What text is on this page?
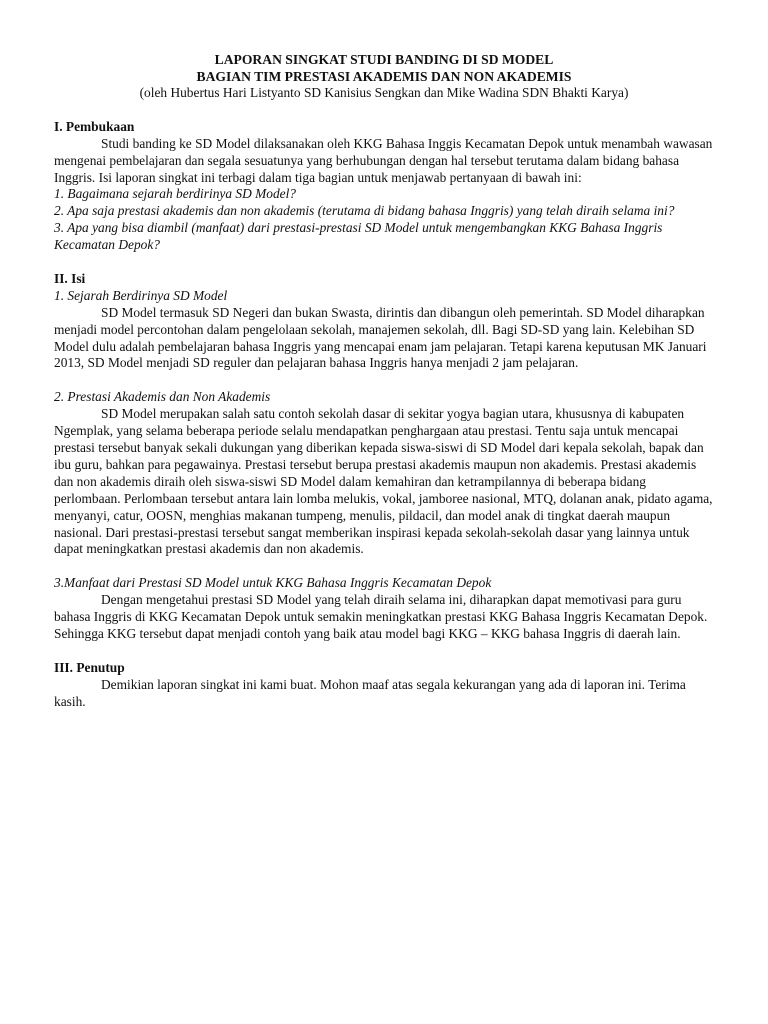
LAPORAN SINGKAT STUDI BANDING DI SD MODEL
BAGIAN TIM PRESTASI AKADEMIS DAN NON AKADEMIS
(oleh Hubertus Hari Listyanto SD Kanisius Sengkan dan Mike Wadina SDN Bhakti Karya)
I. Pembukaan
Studi banding ke SD Model dilaksanakan oleh KKG Bahasa Inggis Kecamatan Depok untuk menambah wawasan mengenai pembelajaran dan segala sesuatunya yang berhubungan dengan hal tersebut terutama dalam bidang bahasa Inggris. Isi laporan singkat ini terbagi dalam tiga bagian untuk menjawab pertanyaan di bawah ini:
1. Bagaimana sejarah berdirinya SD Model?
2. Apa saja prestasi akademis dan non akademis (terutama di bidang bahasa Inggris) yang telah diraih selama ini?
3. Apa yang bisa diambil (manfaat) dari prestasi-prestasi SD Model untuk mengembangkan KKG Bahasa Inggris Kecamatan Depok?
II. Isi
1. Sejarah Berdirinya SD Model
SD Model termasuk SD Negeri dan bukan Swasta, dirintis dan dibangun oleh pemerintah. SD Model diharapkan menjadi model percontohan dalam pengelolaan sekolah, manajemen sekolah, dll. Bagi SD-SD yang lain. Kelebihan SD Model dulu adalah pembelajaran bahasa Inggris yang mencapai enam jam pelajaran. Tetapi karena keputusan MK Januari 2013, SD Model menjadi SD reguler dan pelajaran bahasa Inggris hanya menjadi 2 jam pelajaran.
2. Prestasi Akademis dan Non Akademis
SD Model merupakan salah satu contoh sekolah dasar di sekitar yogya bagian utara, khususnya di kabupaten Ngemplak, yang selama beberapa periode selalu mendapatkan penghargaan atau prestasi. Tentu saja untuk mencapai prestasi tersebut banyak sekali dukungan yang diberikan kepada siswa-siswi di SD Model dari kepala sekolah, bapak dan ibu guru, bahkan para pegawainya. Prestasi tersebut berupa prestasi akademis maupun non akademis. Prestasi akademis dan non akademis diraih oleh siswa-siswi SD Model dalam kemahiran dan ketrampilannya di beberapa bidang perlombaan. Perlombaan tersebut antara lain lomba melukis, vokal, jamboree nasional, MTQ, dolanan anak, pidato agama, menyanyi, catur, OOSN, menghias makanan tumpeng, menulis, pildacil, dan model anak di tingkat daerah maupun nasional. Dari prestasi-prestasi tersebut sangat memberikan inspirasi kepada sekolah-sekolah dasar yang lainnya untuk dapat meningkatkan prestasi akademis dan non akademis.
3.Manfaat dari Prestasi SD Model untuk KKG Bahasa Inggris Kecamatan Depok
Dengan mengetahui prestasi SD Model yang telah diraih selama ini, diharapkan dapat memotivasi para guru bahasa Inggris di KKG Kecamatan Depok untuk semakin meningkatkan prestasi KKG Bahasa Inggris Kecamatan Depok. Sehingga KKG tersebut dapat menjadi contoh yang baik atau model bagi KKG – KKG bahasa Inggris di daerah lain.
III. Penutup
Demikian laporan singkat ini kami buat. Mohon maaf atas segala kekurangan yang ada di laporan ini. Terima kasih.
